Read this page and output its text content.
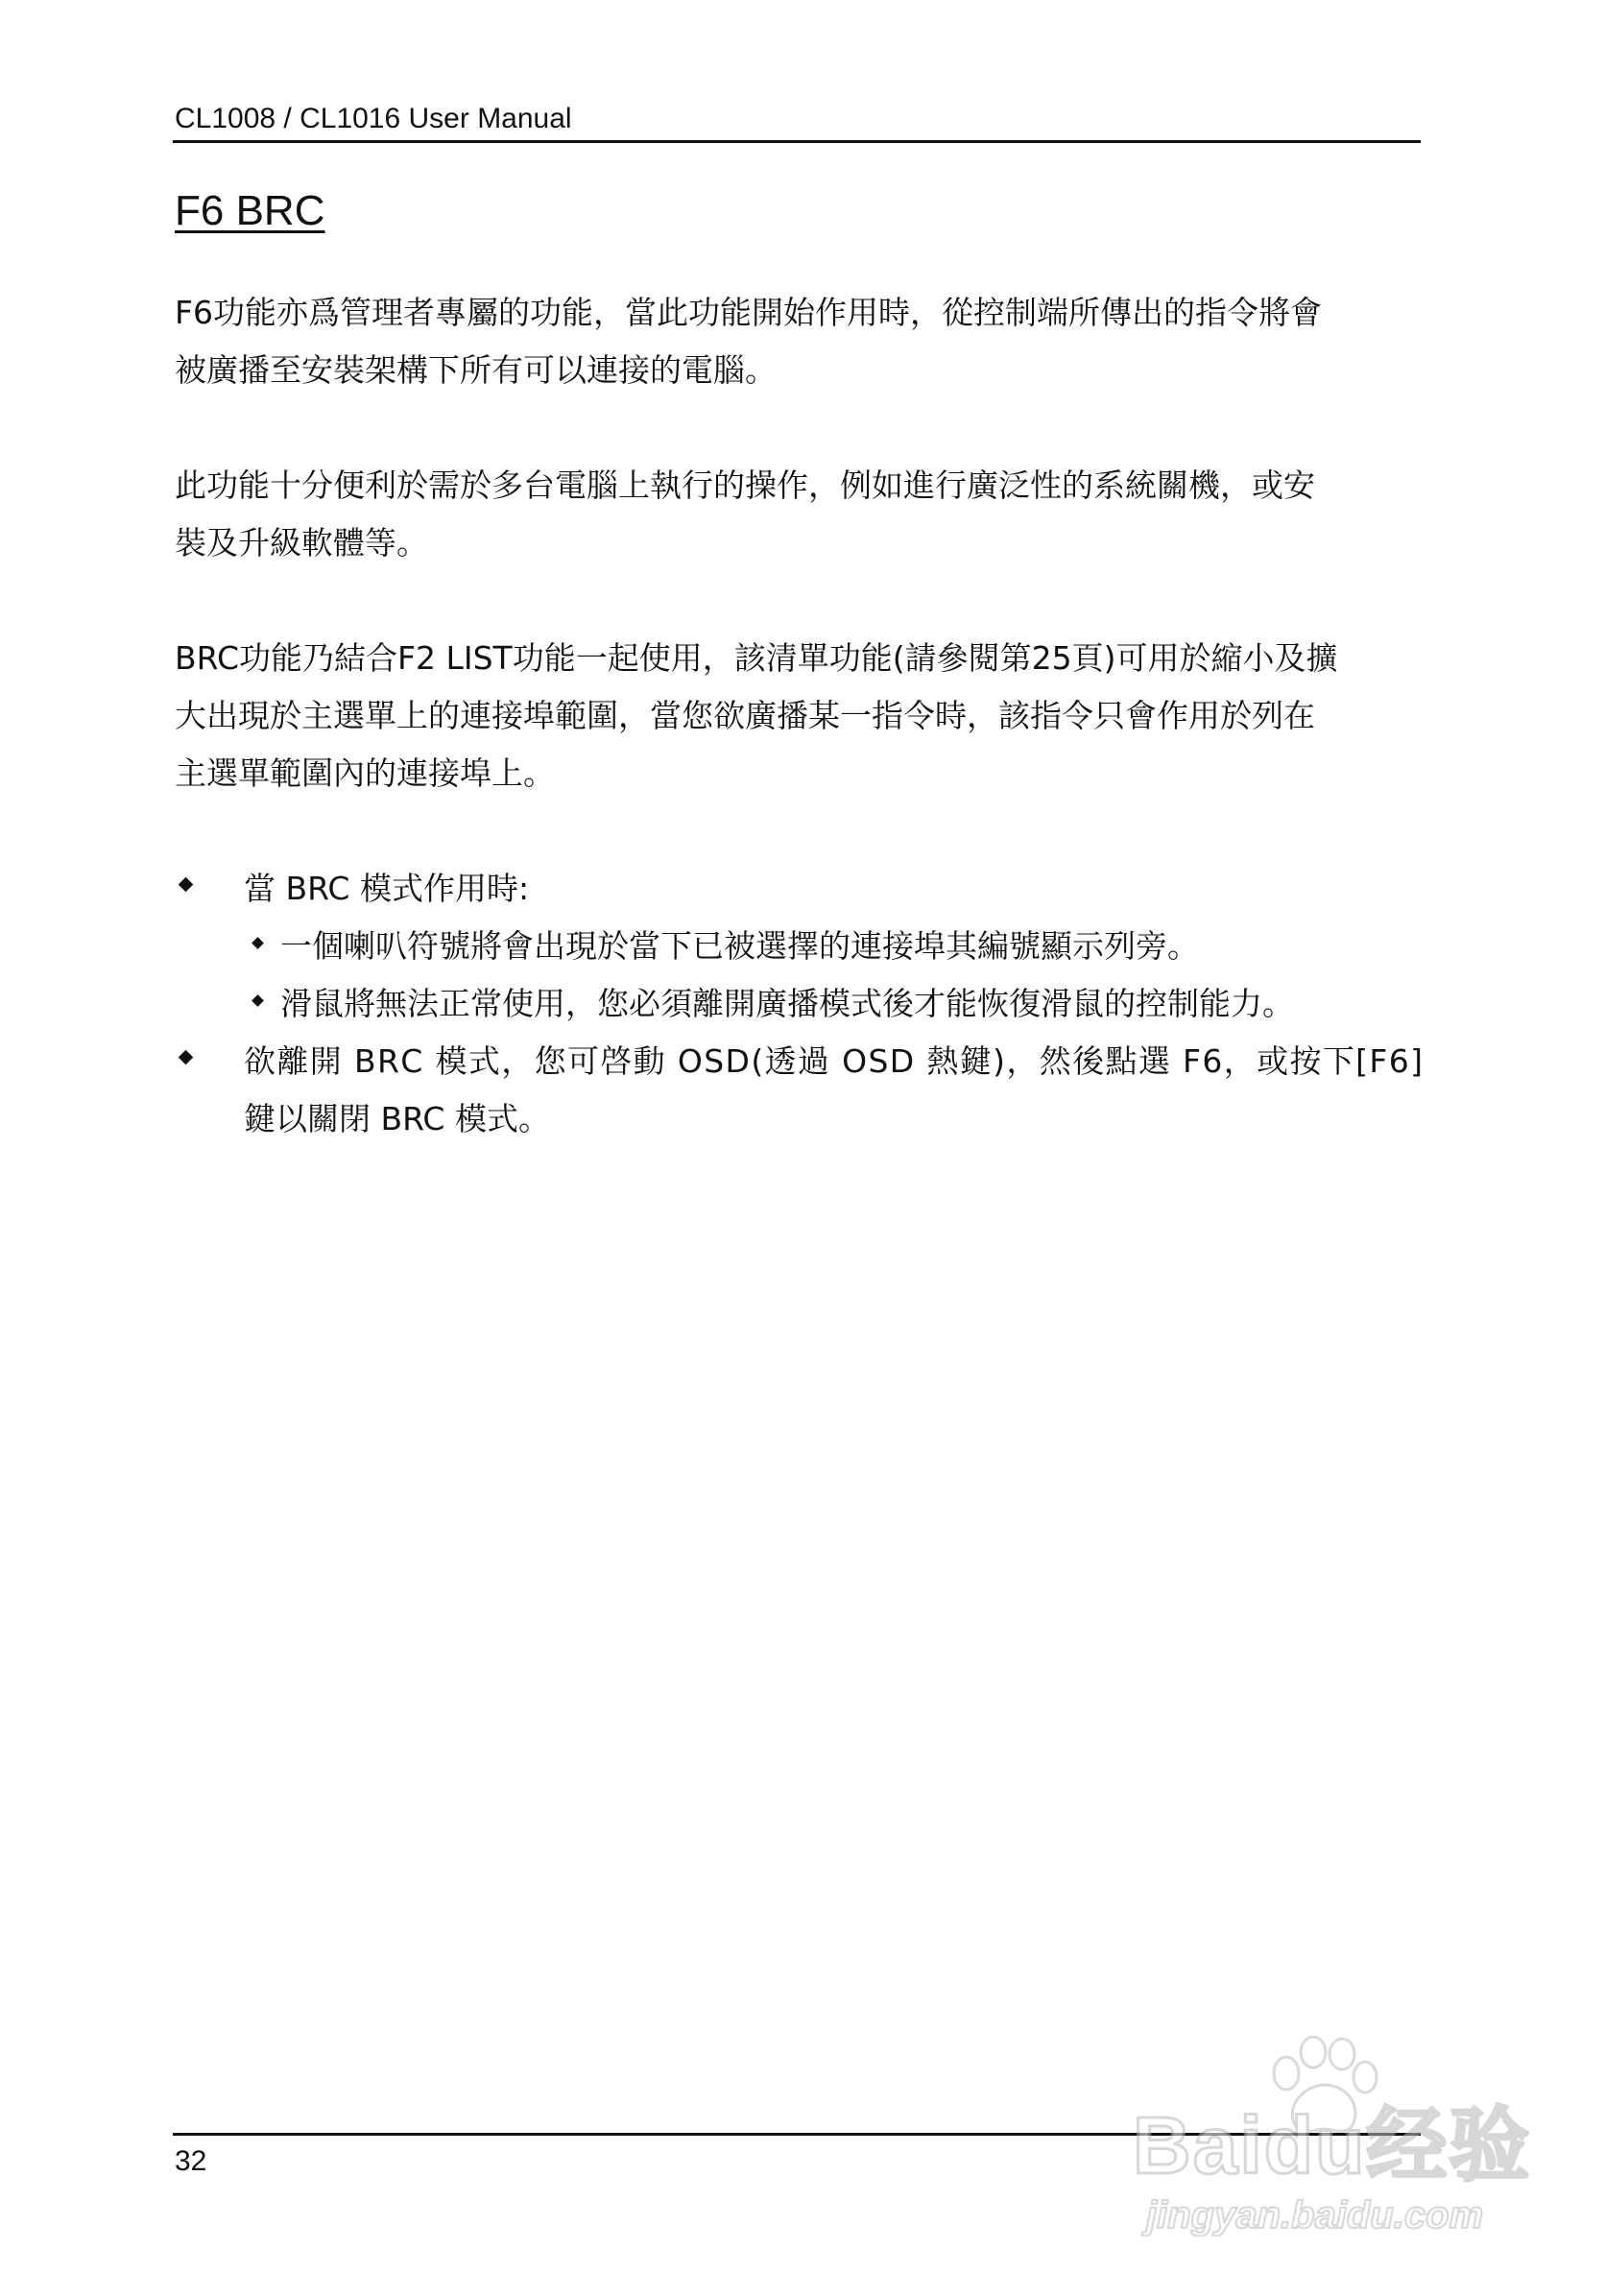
CL1008 / CL1016 User Manual
F6 BRC

F6功能亦爲管理者專屬的功能，當此功能開始作用時，從控制端所傳出的指令將會
被廣播至安裝架構下所有可以連接的電腦。

此功能十分便利於需於多台電腦上執行的操作，例如進行廣泛性的系統關機，或安
裝及升級軟體等。

BRC功能乃結合F2 LIST功能一起使用，該清單功能(請參閱第25頁)可用於縮小及擴
大出現於主選單上的連接埠範圍，當您欲廣播某一指令時，該指令只會作用於列在
主選單範圍內的連接埠上。

當 BRC 模式作用時:
一個喇叭符號將會出現於當下已被選擇的連接埠其編號顯示列旁。
滑鼠將無法正常使用，您必須離開廣播模式後才能恢復滑鼠的控制能力。
欲 離 開
B R C
模 式 ， 您 可 啓 動
O S D ( 透 過
O S D
熱 鍵 ) ， 然 後 點 選
F 6 ， 或 按 下 [ F 6 ]
鍵以關閉 BRC 模式。
32	Baidu经验
jingyan.baidu.com
